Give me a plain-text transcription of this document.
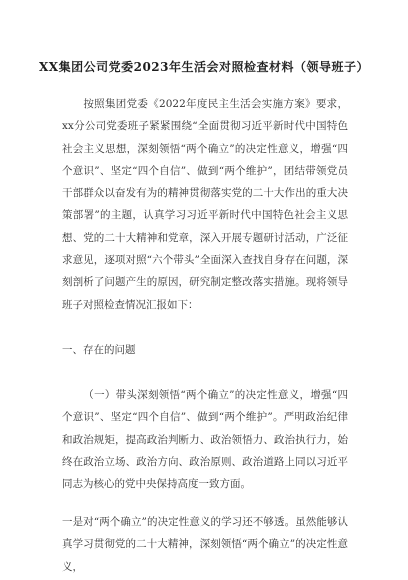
XX集团公司党委2023年生活会对照检查材料（领导班子）

按照集团党委《2022年度民主生活会实施方案》要求，xx分公司党委班子紧紧围绕“全面贯彻习近平新时代中国特色社会主义思想，深刻领悟“两个确立”的决定性意义，增强“四个意识”、坚定“四个自信”、做到“两个维护”，团结带领党员干部群众以奋发有为的精神贯彻落实党的二十大作出的重大决策部署”的主题，认真学习习近平新时代中国特色社会主义思想、党的二十大精神和党章，深入开展专题研讨活动，广泛征求意见，逐项对照“六个带头”全面深入查找自身存在问题，深刻剖析了问题产生的原因，研究制定整改落实措施。现将领导班子对照检查情况汇报如下：

一、存在的问题

（一）带头深刻领悟“两个确立”的决定性意义，增强“四个意识”、坚定“四个自信”、做到“两个维护”。严明政治纪律和政治规矩，提高政治判断力、政治领悟力、政治执行力，始终在政治立场、政治方向、政治原则、政治道路上同以习近平同志为核心的党中央保持高度一致方面。

一是对“两个确立”的决定性意义的学习还不够透。虽然能够认真学习贯彻党的二十大精神，深刻领悟“两个确立”的决定性意义，
